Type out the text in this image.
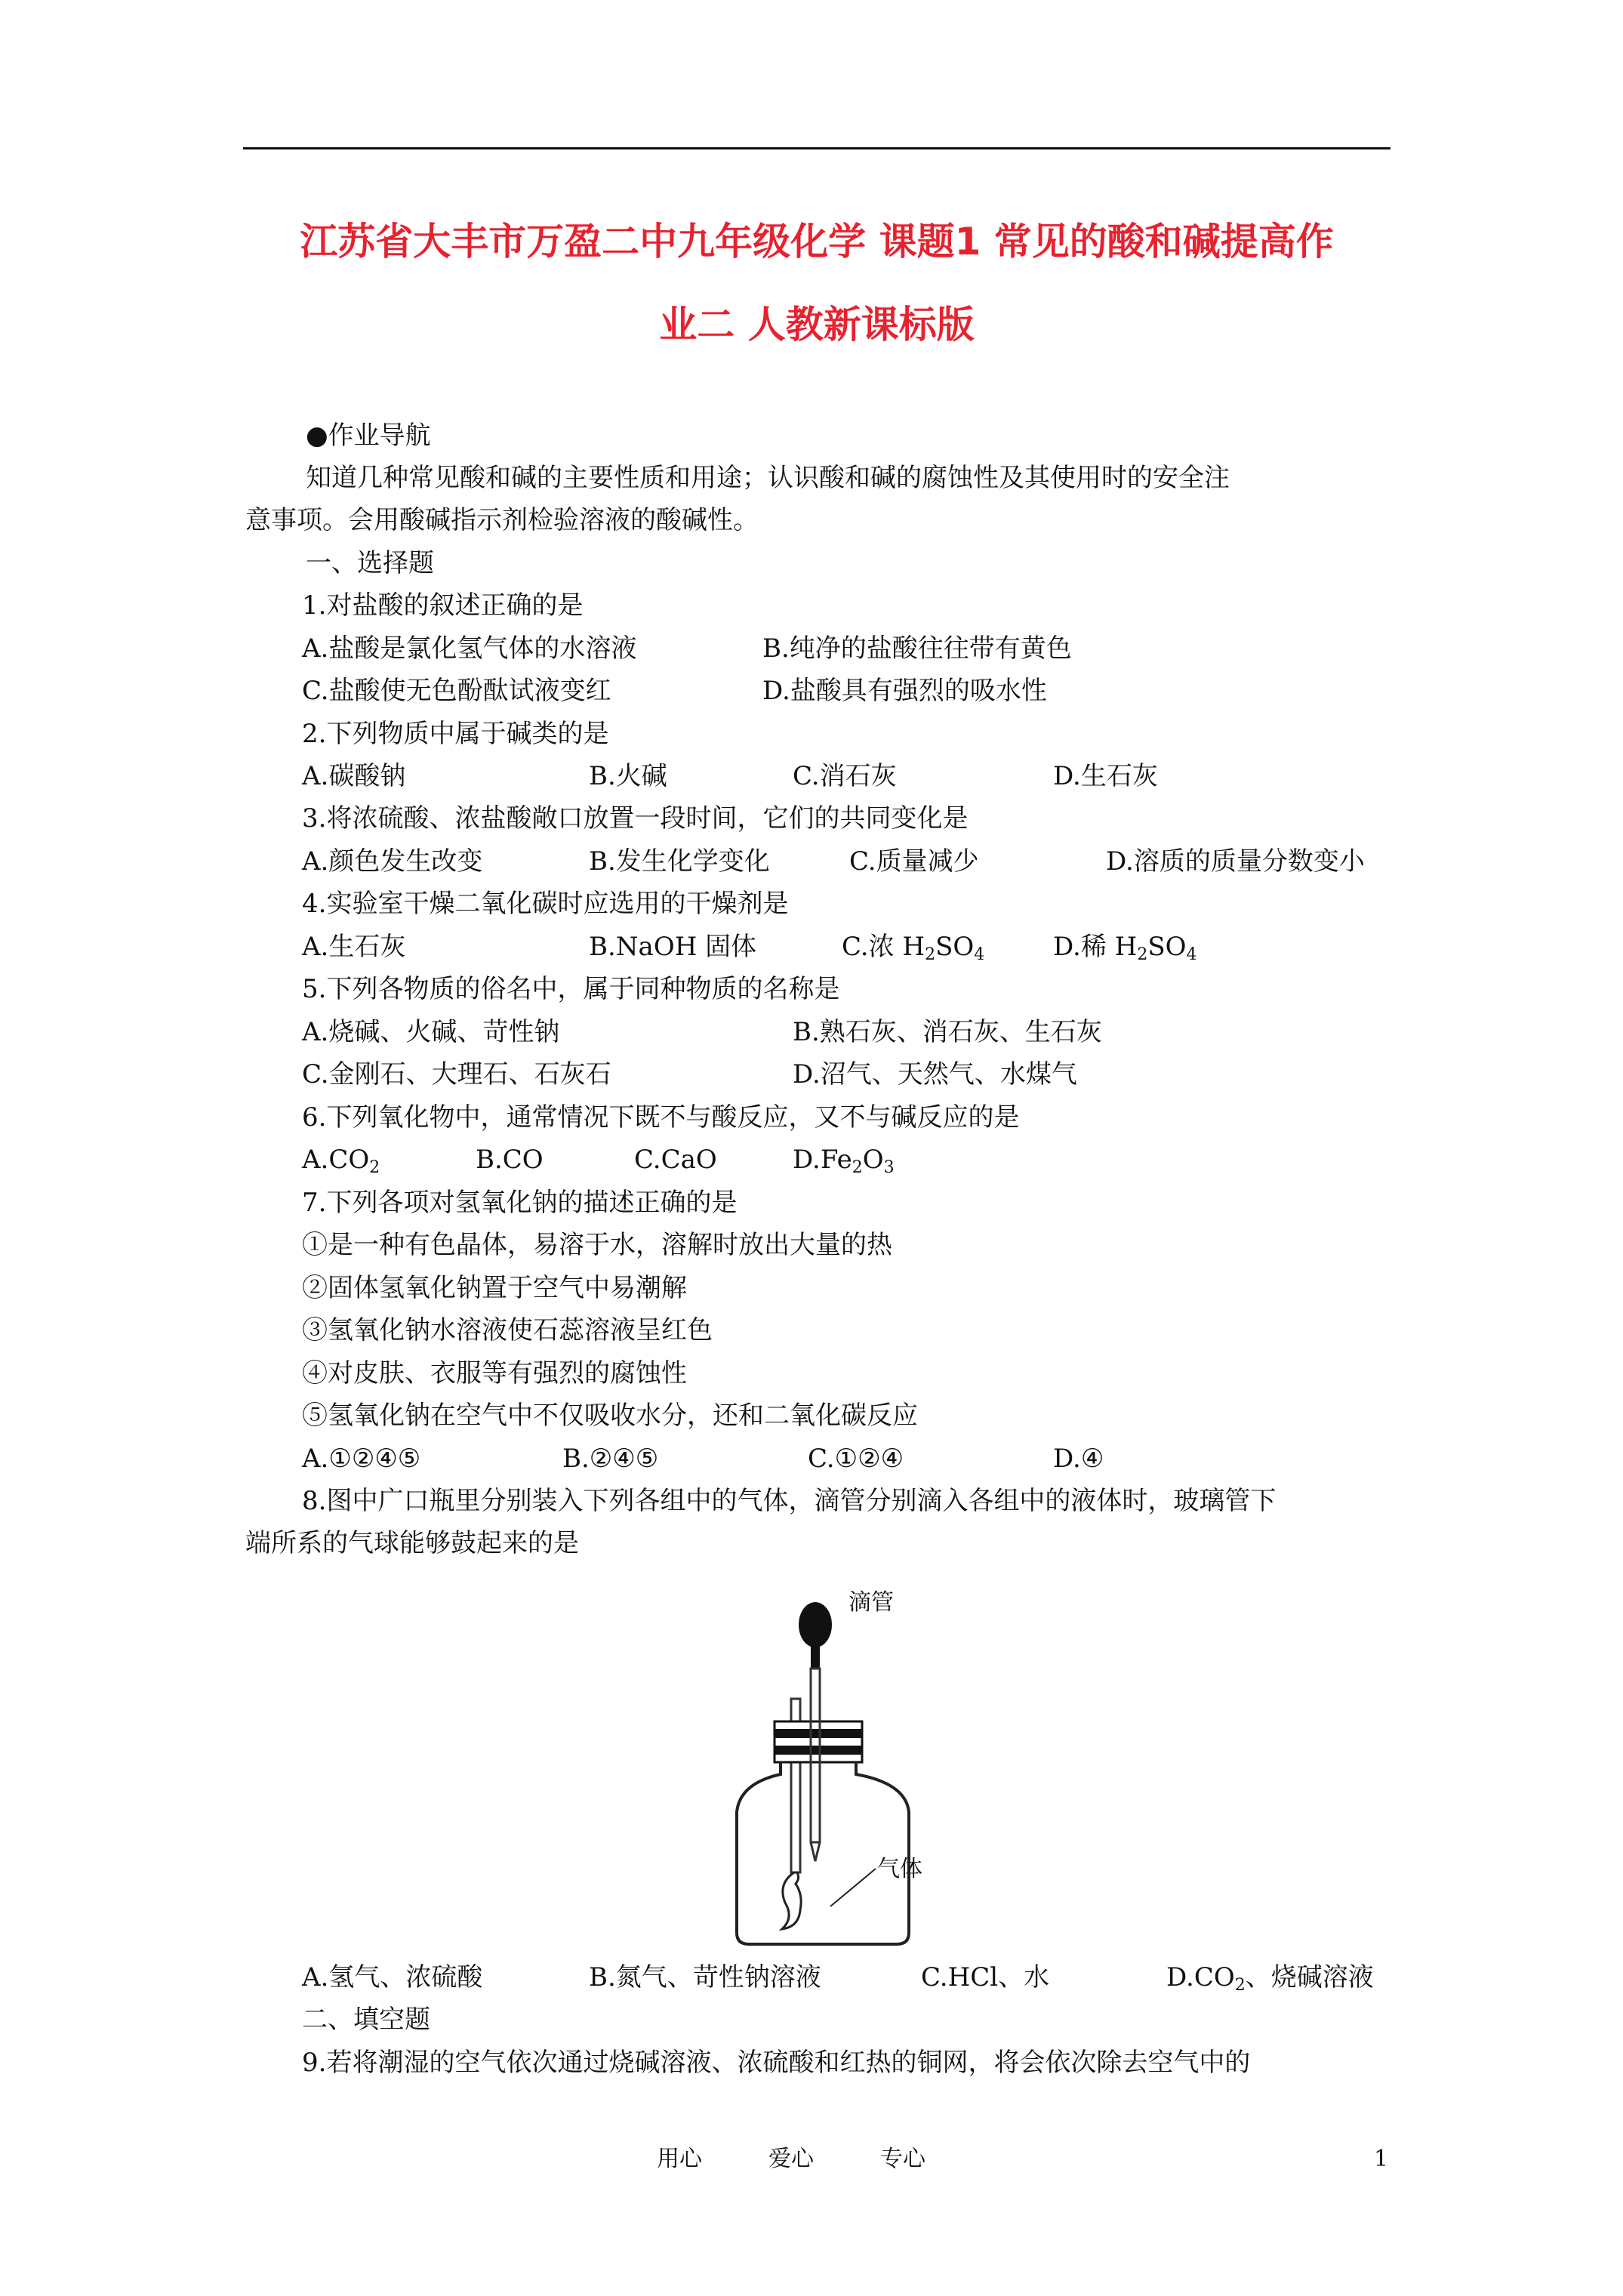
江苏省大丰市万盈二中九年级化学 课题1 常见的酸和碱提高作
业二 人教新课标版
●作业导航
知道几种常见酸和碱的主要性质和用途；认识酸和碱的腐蚀性及其使用时的安全注
意事项。会用酸碱指示剂检验溶液的酸碱性。
一、选择题
1.对盐酸的叙述正确的是
A.盐酸是氯化氢气体的水溶液	B.纯净的盐酸往往带有黄色
C.盐酸使无色酚酞试液变红	D.盐酸具有强烈的吸水性
2.下列物质中属于碱类的是
A.碳酸钠	B.火碱	C.消石灰	D.生石灰
3.将浓硫酸、浓盐酸敞口放置一段时间，它们的共同变化是
A.颜色发生改变	B.发生化学变化	C.质量减少	D.溶质的质量分数变小
4.实验室干燥二氧化碳时应选用的干燥剂是
A.生石灰	B.NaOH 固体	C.浓 $H_2SO_4$	D.稀 $H_2SO_4$
5.下列各物质的俗名中，属于同种物质的名称是
A.烧碱、火碱、苛性钠	B.熟石灰、消石灰、生石灰
C.金刚石、大理石、石灰石	D.沼气、天然气、水煤气
6.下列氧化物中，通常情况下既不与酸反应，又不与碱反应的是
$A.CO_2$	B.CO	C.CaO	$D.Fe_2O_3$
7.下列各项对氢氧化钠的描述正确的是
①是一种有色晶体，易溶于水，溶解时放出大量的热
②固体氢氧化钠置于空气中易潮解
③氢氧化钠水溶液使石蕊溶液呈红色
④对皮肤、衣服等有强烈的腐蚀性
⑤氢氧化钠在空气中不仅吸收水分，还和二氧化碳反应
A.①②④⑤	B.②④⑤	C.①②④	D.④
8.图中广口瓶里分别装入下列各组中的气体，滴管分别滴入各组中的液体时，玻璃管下
端所系的气球能够鼓起来的是
滴管
气体
A.氢气、浓硫酸	B.氮气、苛性钠溶液	C.HCl、水	$D.CO_2$、烧碱溶液
二、填空题
9.若将潮湿的空气依次通过烧碱溶液、浓硫酸和红热的铜网，将会依次除去空气中的
用心	爱心	专心	1
